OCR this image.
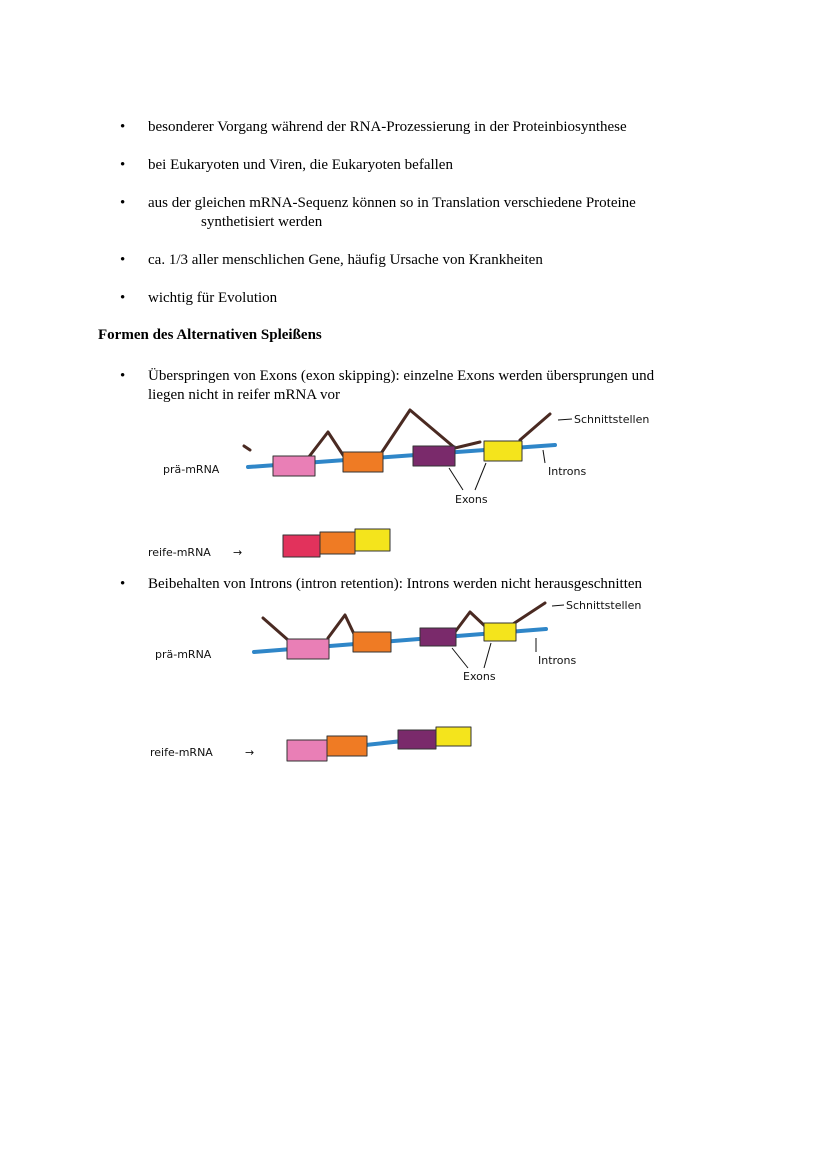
•	besonderer Vorgang während der RNA-Prozessierung in der Proteinbiosynthese
•	bei Eukaryoten und Viren, die Eukaryoten befallen
•	aus der gleichen mRNA-Sequenz können so in Translation verschiedene Proteine
synthetisiert werden
•	ca. 1/3 aller menschlichen Gene, häufig Ursache von Krankheiten
•	wichtig für Evolution
Formen des Alternativen Spleißens
•	Überspringen von Exons (exon skipping): einzelne Exons werden übersprungen und
liegen nicht in reifer mRNA vor
prä-mRNA
Schnittstellen
Introns
Exons
reife-mRNA →
•	Beibehalten von Introns (intron retention): Introns werden nicht herausgeschnitten
prä-mRNA
Schnittstellen
Introns
Exons
reife-mRNA	→
